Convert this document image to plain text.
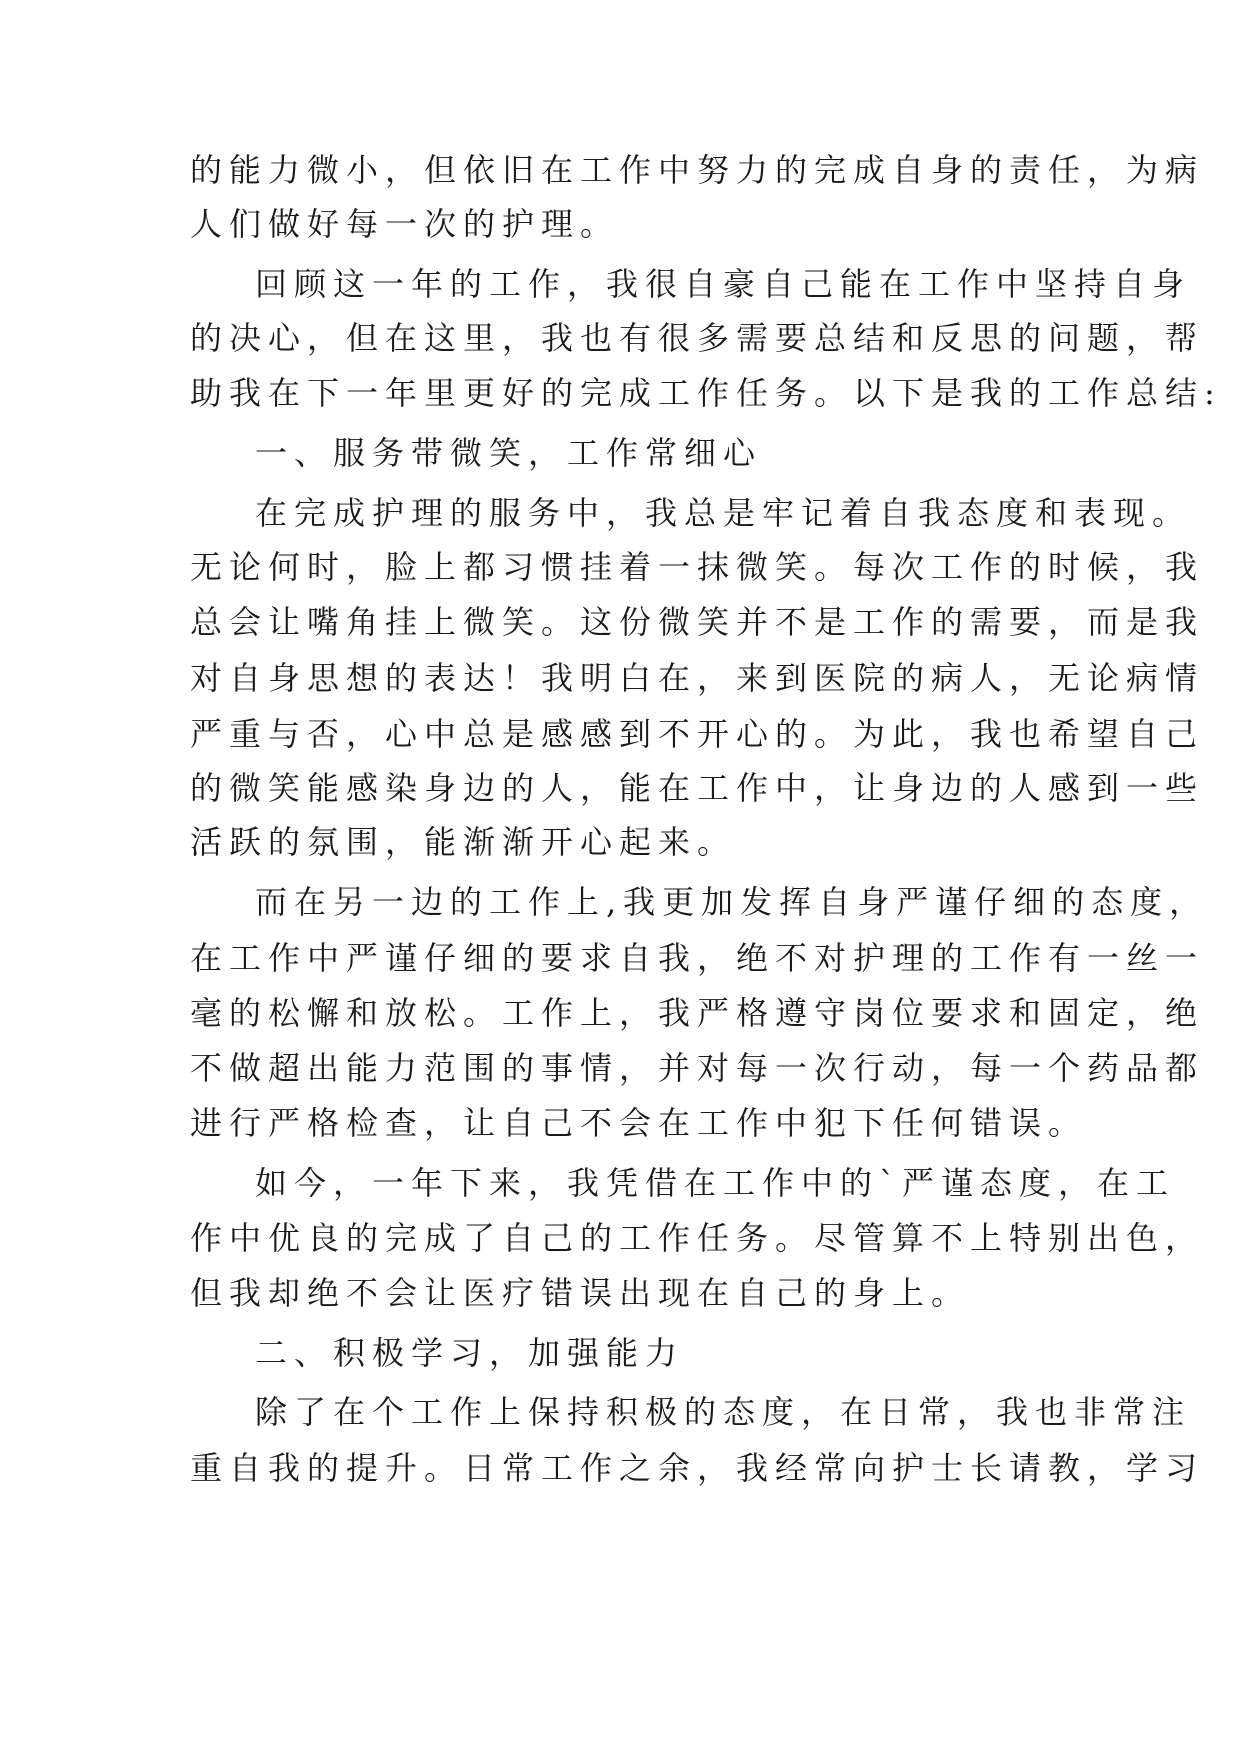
的能力微小，但依旧在工作中努力的完成自身的责任，为病
人们做好每一次的护理。
回顾这一年的工作，我很自豪自己能在工作中坚持自身
的决心，但在这里，我也有很多需要总结和反思的问题，帮
助我在下一年里更好的完成工作任务。以下是我的工作总结:
一、服务带微笑，工作常细心
在完成护理的服务中，我总是牢记着自我态度和表现。
无论何时，脸上都习惯挂着一抹微笑。每次工作的时候，我
总会让嘴角挂上微笑。这份微笑并不是工作的需要，而是我
对自身思想的表达！我明白在，来到医院的病人，无论病情
严重与否，心中总是感感到不开心的。为此，我也希望自己
的微笑能感染身边的人，能在工作中，让身边的人感到一些
活跃的氛围，能渐渐开心起来。
而在另一边的工作上,我更加发挥自身严谨仔细的态度，
在工作中严谨仔细的要求自我，绝不对护理的工作有一丝一
毫的松懈和放松。工作上，我严格遵守岗位要求和固定，绝
不做超出能力范围的事情，并对每一次行动，每一个药品都
进行严格检查，让自己不会在工作中犯下任何错误。
如今，一年下来，我凭借在工作中的`严谨态度，在工
作中优良的完成了自己的工作任务。尽管算不上特别出色，
但我却绝不会让医疗错误出现在自己的身上。
二、积极学习，加强能力
除了在个工作上保持积极的态度，在日常，我也非常注
重自我的提升。日常工作之余，我经常向护士长请教，学习
